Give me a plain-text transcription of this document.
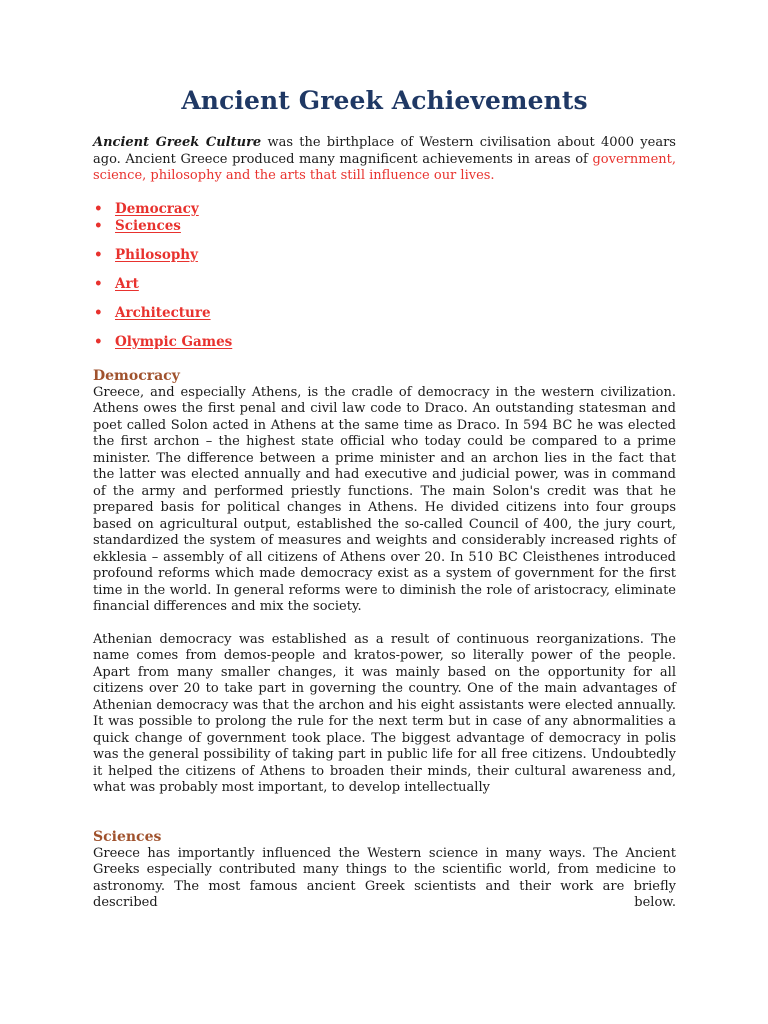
Ancient Greek Achievements

Ancient Greek Culture was the birthplace of Western civilisation about 4000 years ago. Ancient Greece produced many magnificent achievements in areas of government, science, philosophy and the arts that still influence our lives.

• Democracy
• Sciences
• Philosophy
• Art
• Architecture
• Olympic Games
Democracy

Greece, and especially Athens, is the cradle of democracy in the western civilization. Athens owes the first penal and civil law code to Draco. An outstanding statesman and poet called Solon acted in Athens at the same time as Draco. In 594 BC he was elected the first archon – the highest state official who today could be compared to a prime minister. The difference between a prime minister and an archon lies in the fact that the latter was elected annually and had executive and judicial power, was in command of the army and performed priestly functions. The main Solon's credit was that he prepared basis for political changes in Athens. He divided citizens into four groups based on agricultural output, established the so-called Council of 400, the jury court, standardized the system of measures and weights and considerably increased rights of ekklesia – assembly of all citizens of Athens over 20. In 510 BC Cleisthenes introduced profound reforms which made democracy exist as a system of government for the first time in the world. In general reforms were to diminish the role of aristocracy, eliminate financial differences and mix the society.

Athenian democracy was established as a result of continuous reorganizations. The name comes from demos-people and kratos-power, so literally power of the people. Apart from many smaller changes, it was mainly based on the opportunity for all citizens over 20 to take part in governing the country. One of the main advantages of Athenian democracy was that the archon and his eight assistants were elected annually. It was possible to prolong the rule for the next term but in case of any abnormalities a quick change of government took place. The biggest advantage of democracy in polis was the general possibility of taking part in public life for all free citizens. Undoubtedly it helped the citizens of Athens to broaden their minds, their cultural awareness and, what was probably most important, to develop intellectually

Sciences

Greece has importantly influenced the Western science in many ways. The Ancient Greeks especially contributed many things to the scientific world, from medicine to astronomy. The most famous ancient Greek scientists and their work are briefly described below.
